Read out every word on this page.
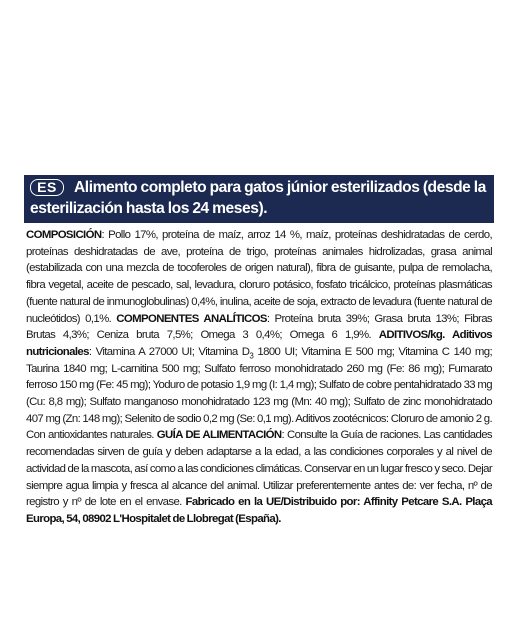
ES	Alimento completo para gatos júnior esterilizados (desde la
esterilización hasta los 24 meses).
COMPOSICIÓN: Pollo 17%, proteína de maíz, arroz 14 %, maíz, proteínas deshidratadas de cerdo, proteínas deshidratadas de ave, proteína de trigo, proteínas animales hidrolizadas, grasa animal (estabilizada con una mezcla de tocoferoles de origen natural), fibra de guisante, pulpa de remolacha, fibra vegetal, aceite de pescado, sal, levadura, cloruro potásico, fosfato tricálcico, proteínas plasmáticas (fuente natural de inmunoglobulinas) 0,4%, inulina, aceite de soja, extracto de levadura (fuente natural de nucleótidos) 0,1%. COMPONENTES ANALÍTICOS: Proteína bruta 39%; Grasa bruta 13%; Fibras Brutas 4,3%; Ceniza bruta 7,5%; Omega 3 0,4%; Omega 6 1,9%. ADITIVOS/kg. Aditivos nutricionales: Vitamina A 27000 UI; Vitamina $D_3$ 1800 UI; Vitamina E 500 mg; Vitamina C 140 mg; Taurina 1840 mg; L-carnitina 500 mg; Sulfato ferroso monohidratado 260 mg (Fe: 86 mg); Fumarato ferroso 150 mg (Fe: 45 mg); Yoduro de potasio 1,9 mg (I: 1,4 mg); Sulfato de cobre pentahidratado 33 mg (Cu: 8,8 mg); Sulfato manganoso monohidratado 123 mg (Mn: 40 mg); Sulfato de zinc monohidratado 407 mg (Zn: 148 mg); Selenito de sodio 0,2 mg (Se: 0,1 mg). Aditivos zootécnicos: Cloruro de amonio 2 g. Con antioxidantes naturales. GUÍA DE ALIMENTACIÓN: Consulte la Guía de raciones. Las cantidades recomendadas sirven de guía y deben adaptarse a la edad, a las condiciones corporales y al nivel de actividad de la mascota, así como a las condiciones climáticas. Conservar en un lugar fresco y seco. Dejar siempre agua limpia y fresca al alcance del animal. Utilizar preferentemente antes de: ver fecha, nº de registro y nº de lote en el envase. Fabricado en la UE/Distribuido por: Affinity Petcare S.A. Plaça Europa, 54, 08902 L'Hospitalet de Llobregat (España).
